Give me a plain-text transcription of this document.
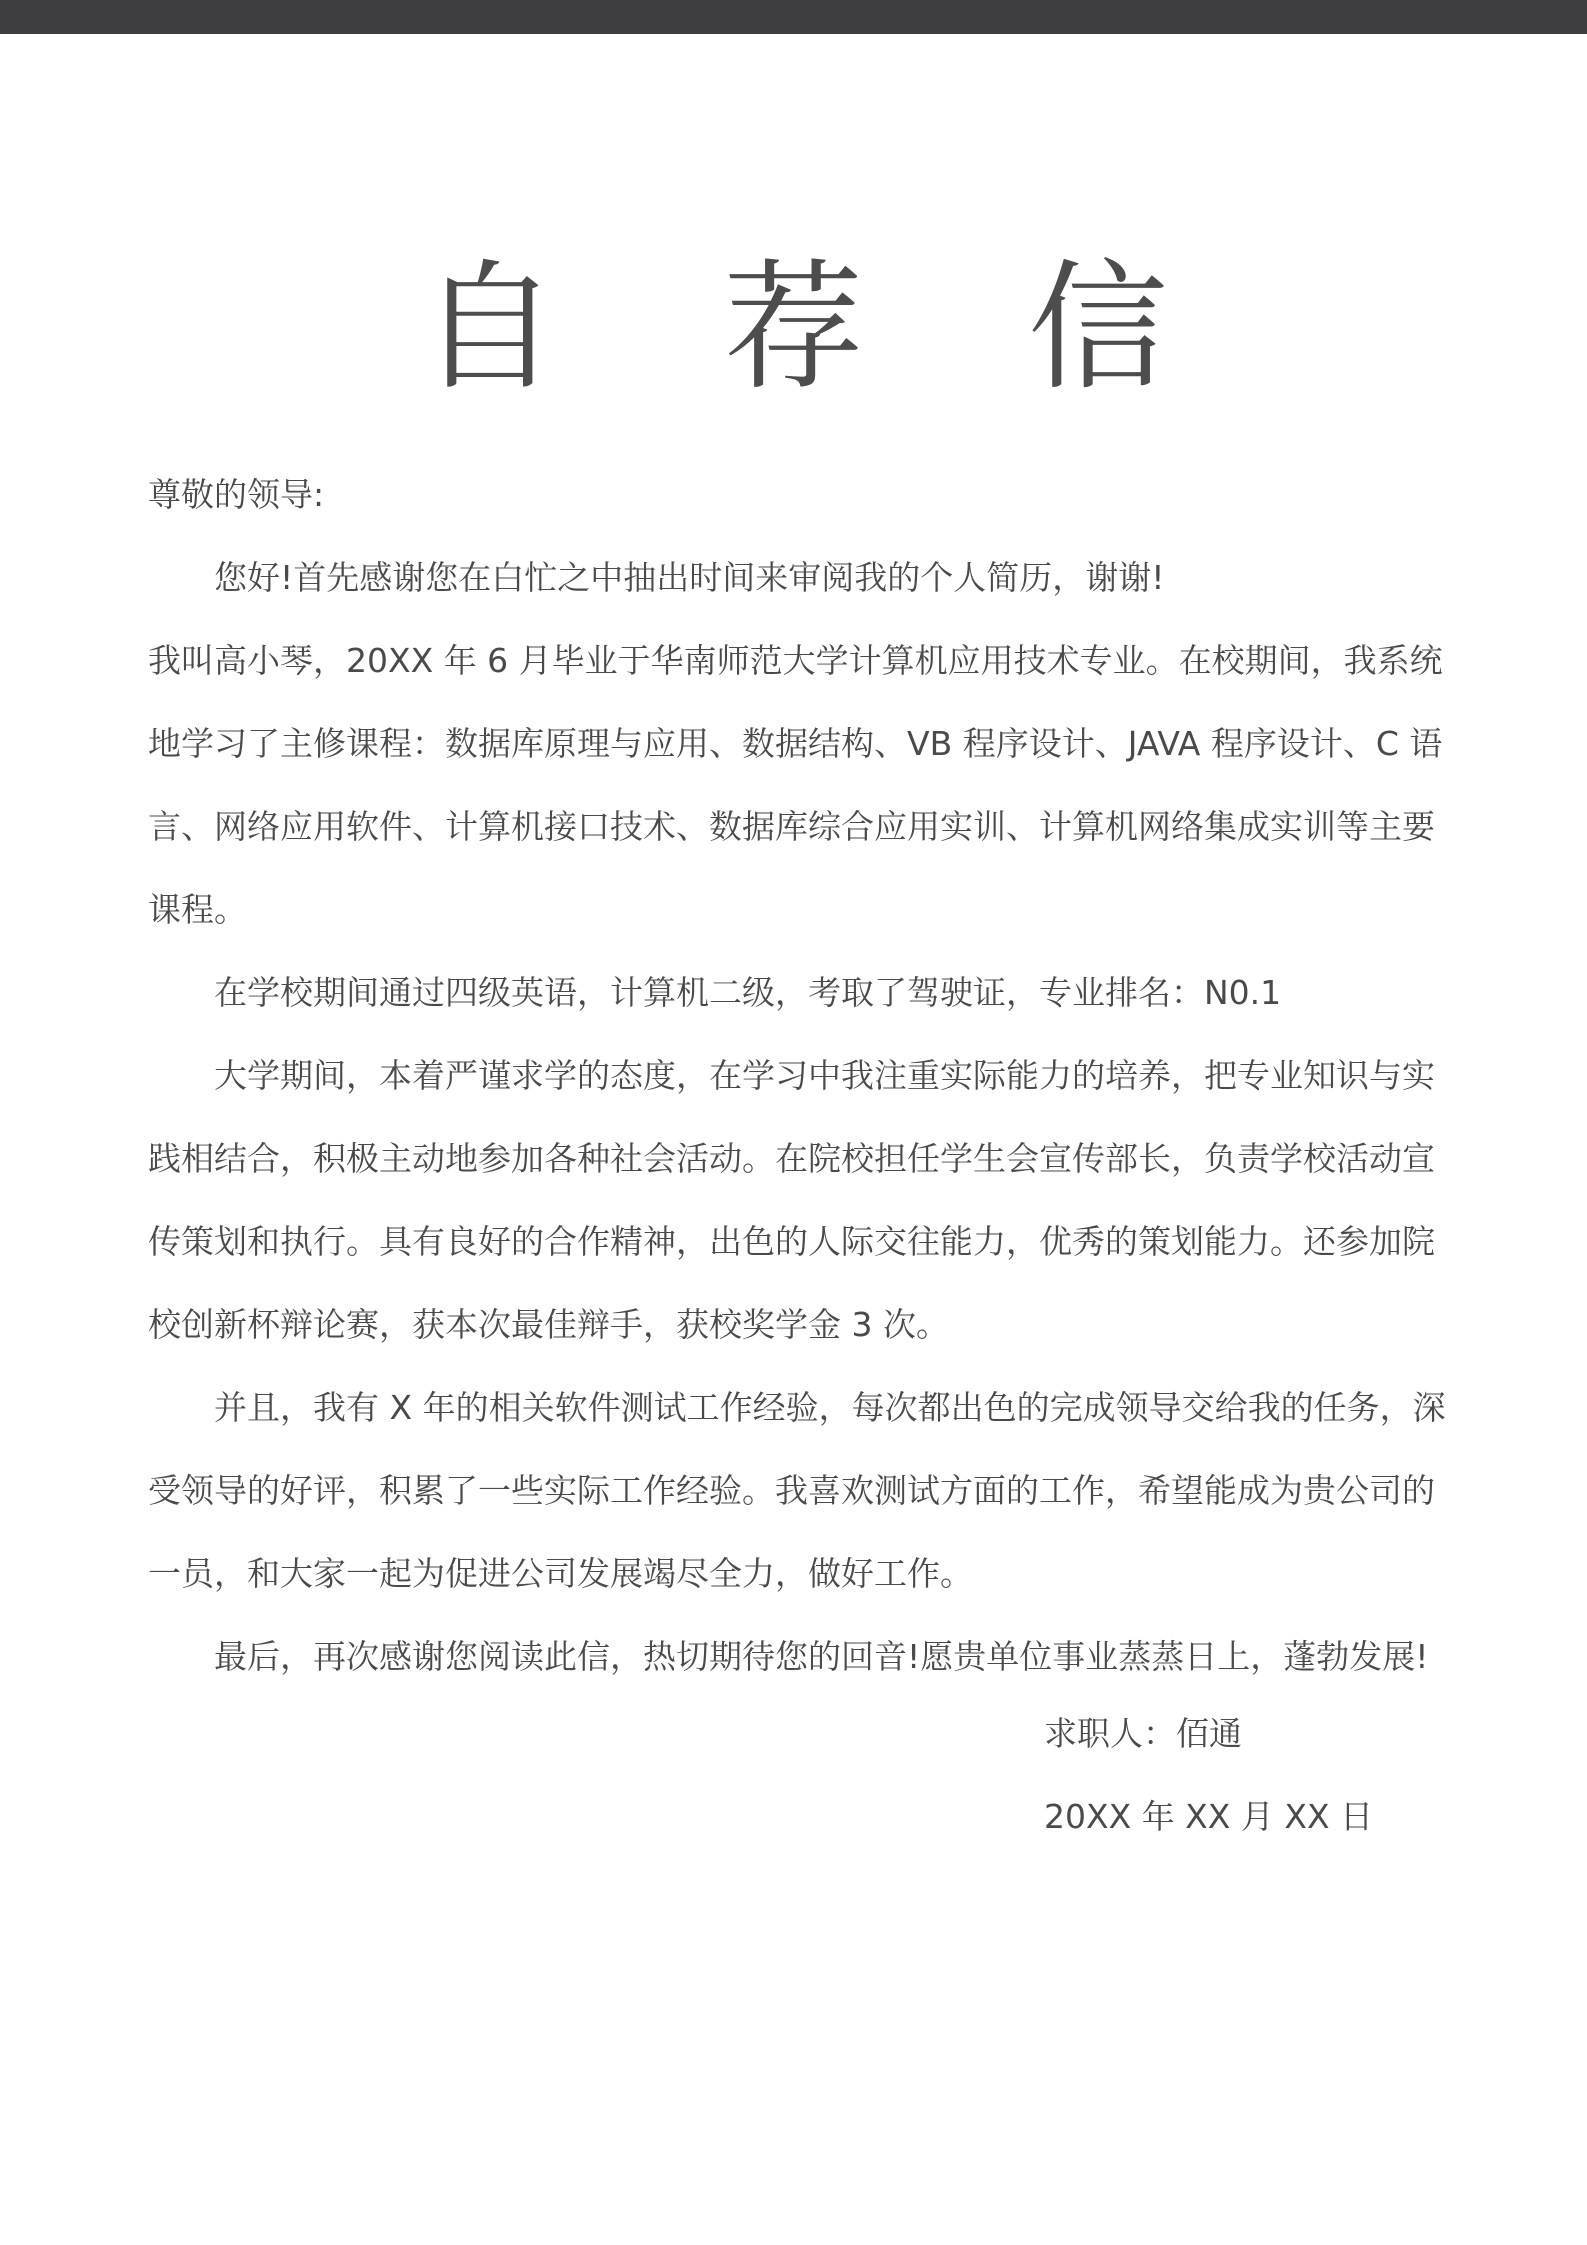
自 荐 信

尊敬的领导:

您好!首先感谢您在白忙之中抽出时间来审阅我的个人简历，谢谢!

我叫高小琴，20XX 年 6 月毕业于华南师范大学计算机应用技术专业。在校期间，我系统地学习了主修课程：数据库原理与应用、数据结构、VB 程序设计、JAVA 程序设计、C 语言、网络应用软件、计算机接口技术、数据库综合应用实训、计算机网络集成实训等主要课程。

在学校期间通过四级英语，计算机二级，考取了驾驶证，专业排名：N0.1

大学期间，本着严谨求学的态度，在学习中我注重实际能力的培养，把专业知识与实践相结合，积极主动地参加各种社会活动。在院校担任学生会宣传部长，负责学校活动宣传策划和执行。具有良好的合作精神，出色的人际交往能力，优秀的策划能力。还参加院校创新杯辩论赛，获本次最佳辩手，获校奖学金 3 次。

并且，我有 X 年的相关软件测试工作经验，每次都出色的完成领导交给我的任务，深受领导的好评，积累了一些实际工作经验。我喜欢测试方面的工作，希望能成为贵公司的一员，和大家一起为促进公司发展竭尽全力，做好工作。

最后，再次感谢您阅读此信，热切期待您的回音!愿贵单位事业蒸蒸日上，蓬勃发展!

求职人：佰通

20XX 年 XX 月 XX 日
